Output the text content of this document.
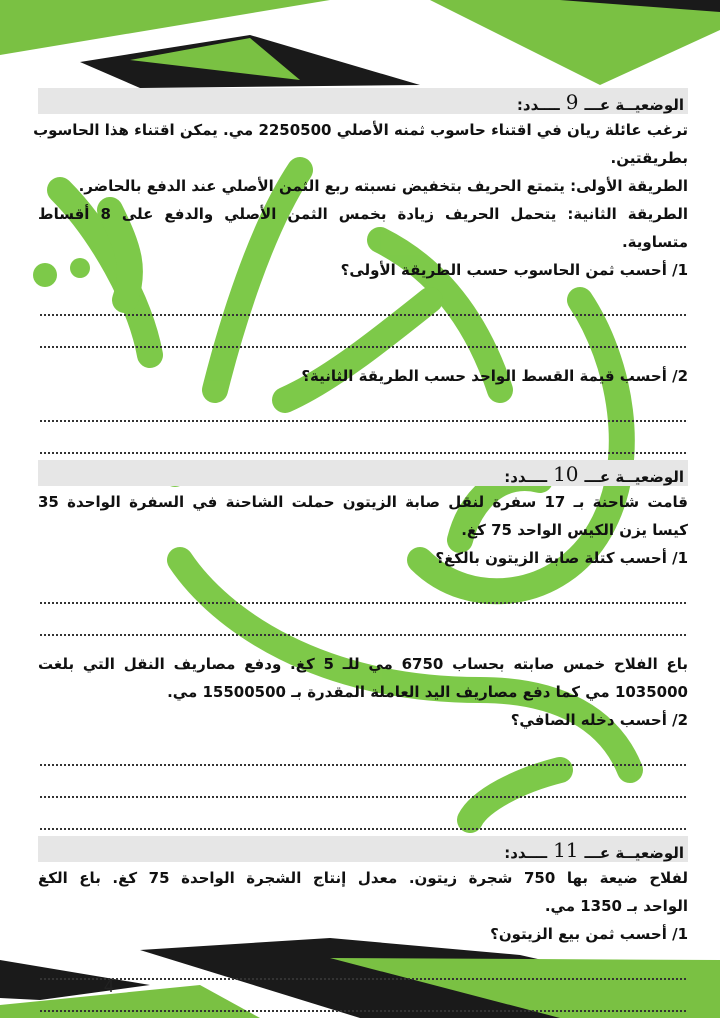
الوضعيــة عـــ
9
ــــدد:
ترغب عائلة ريان في اقتناء حاسوب ثمنه الأصلي 2250500 مي. يمكن اقتناء هذا الحاسوب
بطريقتين.
الطريقة الأولى: يتمتع الحريف بتخفيض نسبته ربع الثمن الأصلي عند الدفع بالحاضر.
الطريقة الثانية: يتحمل الحريف زيادة بخمس الثمن الأصلي والدفع على 8 أقساط
متساوية.
1/ أحسب ثمن الحاسوب حسب الطريقة الأولى؟
2/ أحسب قيمة القسط الواحد حسب الطريقة الثانية؟
الوضعيــة عـــ
10
ــــدد:
قامت شاحنة بـ 17 سفرة لنقل صابة الزيتون حملت الشاحنة في السفرة الواحدة 35
كيسا يزن الكيس الواحد 75 كغ.
1/ أحسب كتلة صابة الزيتون بالكغ؟
باع الفلاح خمس صابته بحساب 6750 مي للـ 5 كغ. ودفع مصاريف النقل التي بلغت
1035000 مي كما دفع مصاريف اليد العاملة المقدرة بـ 15500500 مي.
2/ أحسب دخله الصافي؟
الوضعيــة عـــ
11
ــــدد:
لفلاح ضيعة بها 750 شجرة زيتون. معدل إنتاج الشجرة الواحدة 75 كغ. باع الكغ
الواحد بـ 1350 مي.
1/ أحسب ثمن بيع الزيتون؟
4
